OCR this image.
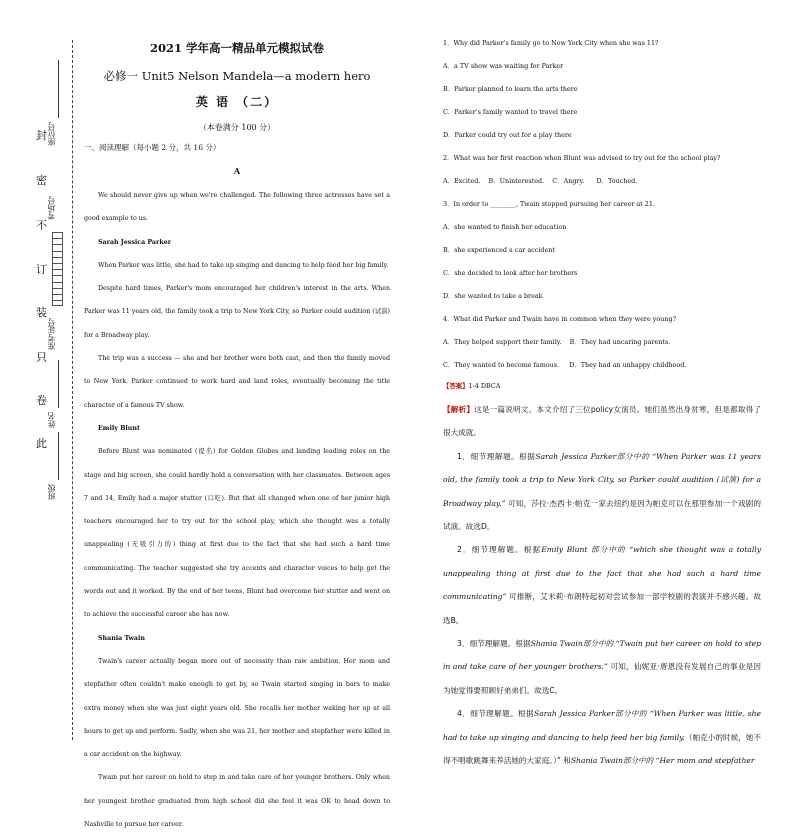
封
密
不
订
装
只
卷
此
座位号
考场号
准考证号
姓名
班级
2021 学年高一精品单元模拟试卷
必修一 Unit5 Nelson Mandela—a modern hero
英 语 （二）
（本卷满分 100 分）
一、阅读理解（每小题 2 分，共 16 分）
A

We should never give up when we're challenged. The following three actresses have set a good example to us.

Sarah Jessica Parker

When Parker was little, she had to take up singing and dancing to help feed her big family.

Despite hard times, Parker's mom encouraged her children's interest in the arts. When Parker was 11 years old, the family took a trip to New York City, so Parker could audition (试演) for a Broadway play.

The trip was a success — she and her brother were both cast, and then the family moved to New York. Parker continued to work hard and land roles, eventually becoming the title character of a famous TV show.

Emily Blunt

Before Blunt was nominated (提名) for Golden Globes and landing leading roles on the stage and big screen, she could hardly hold a conversation with her classmates. Between ages 7 and 14, Emily had a major stutter (口吃). But that all changed when one of her junior high teachers encouraged her to try out for the school play, which she thought was a totally unappealing (无吸引力的) thing at first due to the fact that she had such a hard time communicating. The teacher suggested she try accents and character voices to help get the words out and it worked. By the end of her teens, Blunt had overcome her stutter and went on to achieve the successful career she has now.

Shania Twain

Twain's career actually began more out of necessity than raw ambition. Her mom and stepfather often couldn't make enough to get by, so Twain started singing in bars to make extra money when she was just eight years old. She recalls her mother waking her up at all hours to get up and perform. Sadly, when she was 21, her mother and stepfather were killed in a car accident on the highway.

Twain put her career on hold to step in and take care of her younger brothers. Only when her youngest brother graduated from high school did she feel it was OK to head down to Nashville to pursue her career.

1．Why did Parker's family go to New York City when she was 11?
A．a TV show was waiting for Parker
B．Parker planned to learn the arts there
C．Parker's family wanted to travel there
D．Parker could try out for a play there
2．What was her first reaction when Blunt was advised to try out for the school play?
A．Excited.    B．Uninterested.    C．Angry.      D．Touched.
3．In order to ________, Twain stopped pursuing her career at 21.
A．she wanted to finish her education
B．she experienced a car accident
C．she decided to look after her brothers
D．she wanted to take a break
4．What did Parker and Twain have in common when they were young?
A．They helped support their family.    B．They had uncaring parents.
C．They wanted to become famous.     D．They had an unhappy childhood.
【答案】1-4 DBCA

【解析】这是一篇说明文。本文介绍了三位policy女演员。她们虽然出身贫寒，但是都取得了很大成就。

1．细节理解题。根据Sarah Jessica Parker部分中的 “When Parker was 11 years old, the family took a trip to New York City, so Parker could audition (试演) for a Broadway play.” 可知，莎拉·杰西卡·帕克一家去纽约是因为帕克可以在那里参加一个戏剧的试演。故选D。

2．细节理解题。根据Emily Blunt 部分中的 “which she thought was a totally unappealing thing at first due to the fact that she had such a hard time communicating” 可推断，艾米莉·布朗特起初对尝试参加一部学校剧的表演并不感兴趣。故选B。

3．细节理解题。根据Shania Twain部分中的 “Twain put her career on hold to step in and take care of her younger brothers.” 可知，仙妮亚·唐恩没有发展自己的事业是因为她觉得要照顾好弟弟们。故选C。

4．细节理解题。根据Sarah Jessica Parker部分中的 “When Parker was little, she had to take up singing and dancing to help feed her big family.（帕克小的时候，她不得不唱歌跳舞来养活她的大家庭。）” 和Shania Twain部分中的 “Her mom and stepfather
